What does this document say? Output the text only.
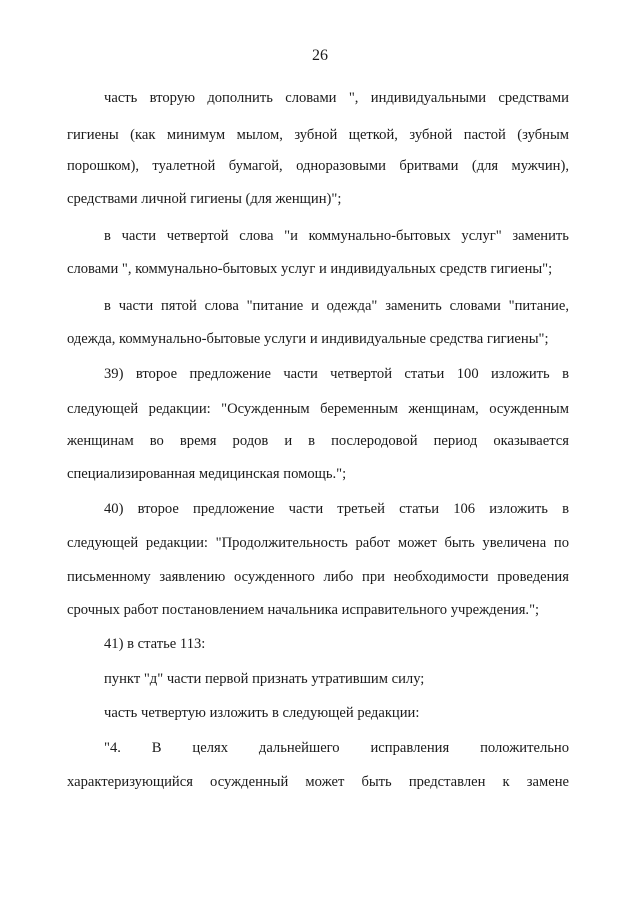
26
часть вторую дополнить словами ", индивидуальными средствами
гигиены (как минимум мылом, зубной щеткой, зубной пастой (зубным
порошком), туалетной бумагой, одноразовыми бритвами (для мужчин),
средствами личной гигиены (для женщин)";
в части четвертой слова "и коммунально-бытовых услуг" заменить
словами ", коммунально-бытовых услуг и индивидуальных средств гигиены";
в части пятой слова "питание и одежда" заменить словами "питание,
одежда, коммунально-бытовые услуги и индивидуальные средства гигиены";
39) второе предложение части четвертой статьи 100 изложить в
следующей редакции: "Осужденным беременным женщинам, осужденным
женщинам во время родов и в послеродовой период оказывается
специализированная медицинская помощь.";
40) второе предложение части третьей статьи 106 изложить в
следующей редакции: "Продолжительность работ может быть увеличена по
письменному заявлению осужденного либо при необходимости проведения
срочных работ постановлением начальника исправительного учреждения.";
41) в статье 113:
пункт "д" части первой признать утратившим силу;
часть четвертую изложить в следующей редакции:
"4. В целях дальнейшего исправления положительно
характеризующийся осужденный может быть представлен к замене
